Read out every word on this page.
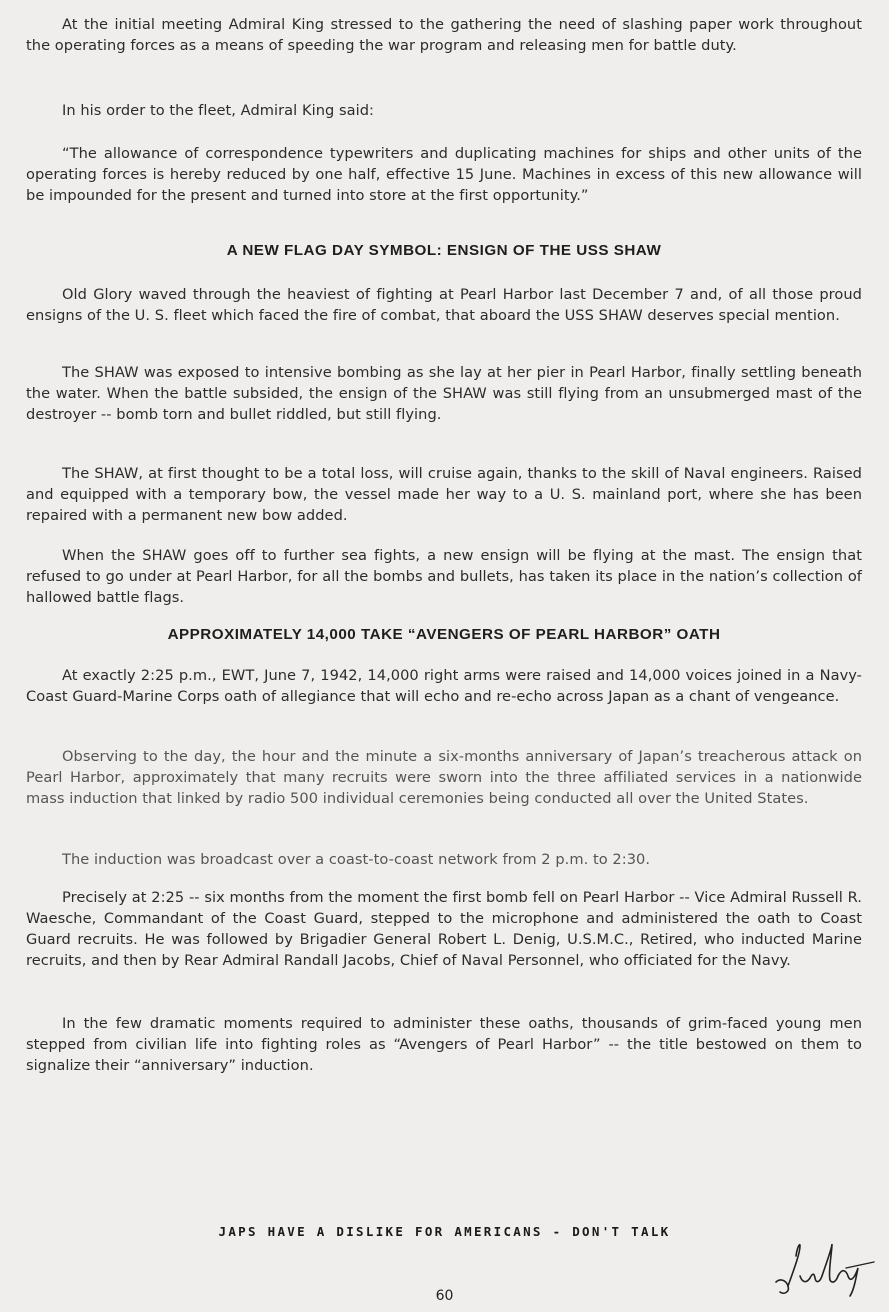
At the initial meeting Admiral King stressed to the gathering the need of slashing paper work throughout the operating forces as a means of speeding the war program and releasing men for battle duty.

In his order to the fleet, Admiral King said:

“The allowance of correspondence typewriters and duplicating machines for ships and other units of the operating forces is hereby reduced by one half, effective 15 June. Machines in excess of this new allowance will be impounded for the present and turned into store at the first opportunity.”

A NEW FLAG DAY SYMBOL: ENSIGN OF THE USS SHAW

Old Glory waved through the heaviest of fighting at Pearl Harbor last December 7 and, of all those proud ensigns of the U. S. fleet which faced the fire of combat, that aboard the USS SHAW deserves special mention.

The SHAW was exposed to intensive bombing as she lay at her pier in Pearl Harbor, finally settling beneath the water. When the battle subsided, the ensign of the SHAW was still flying from an unsubmerged mast of the destroyer -- bomb torn and bullet riddled, but still flying.

The SHAW, at first thought to be a total loss, will cruise again, thanks to the skill of Naval engineers. Raised and equipped with a temporary bow, the vessel made her way to a U. S. mainland port, where she has been repaired with a permanent new bow added.

When the SHAW goes off to further sea fights, a new ensign will be flying at the mast. The ensign that refused to go under at Pearl Harbor, for all the bombs and bullets, has taken its place in the nation’s collection of hallowed battle flags.

APPROXIMATELY 14,000 TAKE “AVENGERS OF PEARL HARBOR” OATH

At exactly 2:25 p.m., EWT, June 7, 1942, 14,000 right arms were raised and 14,000 voices joined in a Navy-Coast Guard-Marine Corps oath of allegiance that will echo and re-echo across Japan as a chant of vengeance.

Observing to the day, the hour and the minute a six-months anniversary of Japan’s treacherous attack on Pearl Harbor, approximately that many recruits were sworn into the three affiliated services in a nationwide mass induction that linked by radio 500 individual ceremonies being conducted all over the United States.

The induction was broadcast over a coast-to-coast network from 2 p.m. to 2:30.

Precisely at 2:25 -- six months from the moment the first bomb fell on Pearl Harbor -- Vice Admiral Russell R. Waesche, Commandant of the Coast Guard, stepped to the microphone and administered the oath to Coast Guard recruits. He was followed by Brigadier General Robert L. Denig, U.S.M.C., Retired, who inducted Marine recruits, and then by Rear Admiral Randall Jacobs, Chief of Naval Personnel, who officiated for the Navy.

In the few dramatic moments required to administer these oaths, thousands of grim-faced young men stepped from civilian life into fighting roles as “Avengers of Pearl Harbor” -- the title bestowed on them to signalize their “anniversary” induction.

JAPS HAVE A DISLIKE FOR AMERICANS - DON'T TALK
60
